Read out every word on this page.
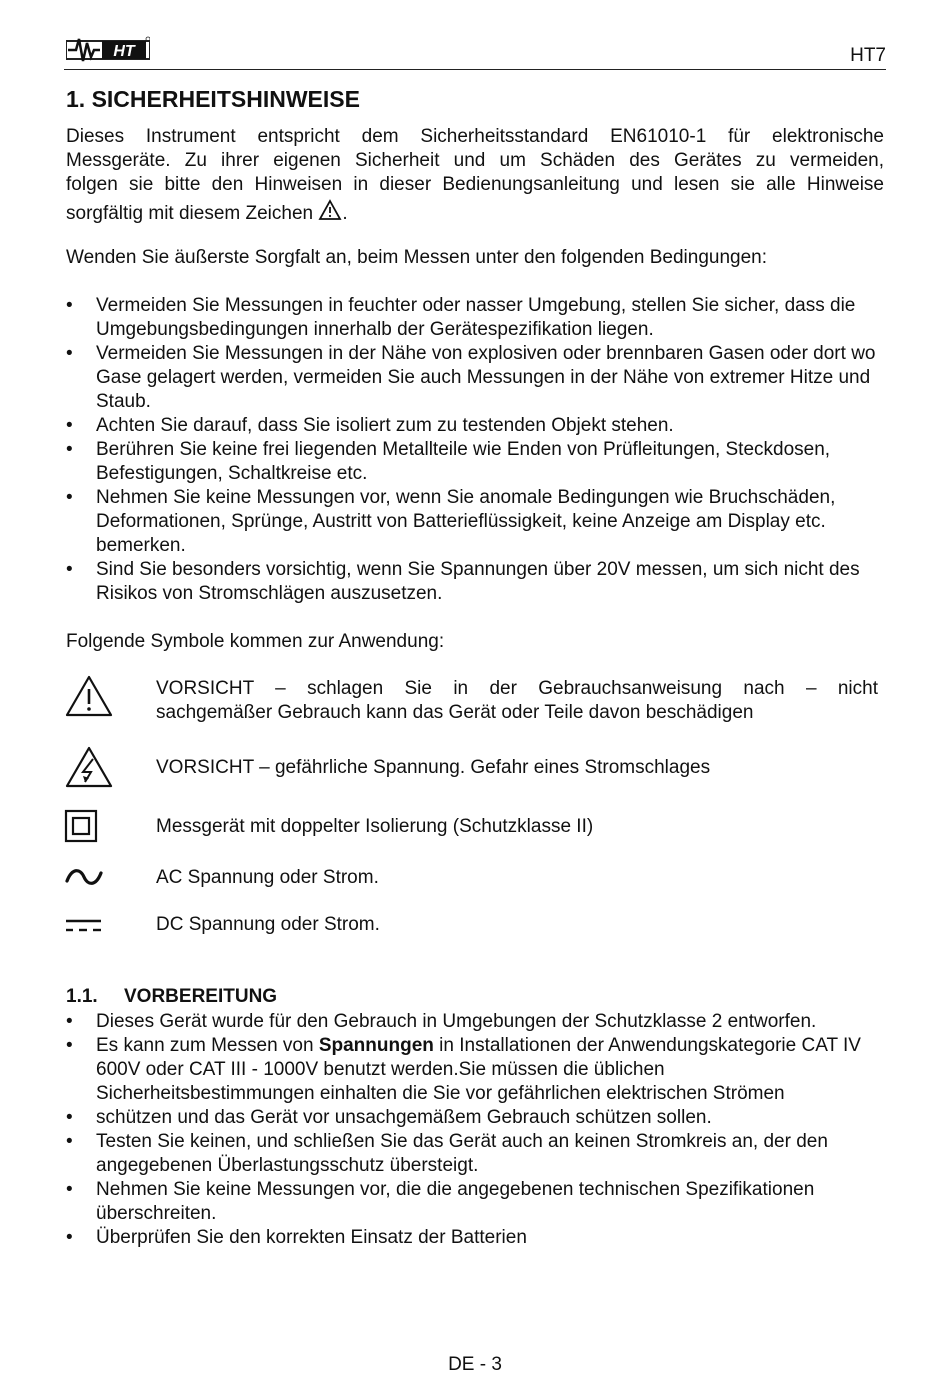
HT	HT7
1. SICHERHEITSHINWEISE
Dieses Instrument entspricht dem Sicherheitsstandard EN61010-1 für elektronische
Messgeräte. Zu ihrer eigenen Sicherheit und um Schäden des Gerätes zu vermeiden,
folgen sie bitte den Hinweisen in dieser Bedienungsanleitung und lesen sie alle Hinweise
sorgfältig mit diesem Zeichen .
Wenden Sie äußerste Sorgfalt an, beim Messen unter den folgenden Bedingungen:

• Vermeiden Sie Messungen in feuchter oder nasser Umgebung, stellen Sie sicher, dass die Umgebungsbedingungen innerhalb der Gerätespezifikation liegen.

• Vermeiden Sie Messungen in der Nähe von explosiven oder brennbaren Gasen oder dort wo Gase gelagert werden, vermeiden Sie auch Messungen in der Nähe von extremer Hitze und Staub.

• Achten Sie darauf, dass Sie isoliert zum zu testenden Objekt stehen.

• Berühren Sie keine frei liegenden Metallteile wie Enden von Prüfleitungen, Steckdosen, Befestigungen, Schaltkreise etc.

• Nehmen Sie keine Messungen vor, wenn Sie anomale Bedingungen wie Bruchschäden, Deformationen, Sprünge, Austritt von Batterieflüssigkeit, keine Anzeige am Display etc. bemerken.

• Sind Sie besonders vorsichtig, wenn Sie Spannungen über 20V messen, um sich nicht des Risikos von Stromschlägen auszusetzen.

Folgende Symbole kommen zur Anwendung:
VORSICHT – schlagen Sie in der Gebrauchsanweisung nach – nicht
sachgemäßer Gebrauch kann das Gerät oder Teile davon beschädigen
VORSICHT – gefährliche Spannung. Gefahr eines Stromschlages
Messgerät mit doppelter Isolierung (Schutzklasse II)
AC Spannung oder Strom.
DC Spannung oder Strom.
1.1. VORBEREITUNG

• Dieses Gerät wurde für den Gebrauch in Umgebungen der Schutzklasse 2 entworfen.

• Es kann zum Messen von Spannungen in Installationen der Anwendungskategorie CAT IV 600V oder CAT III - 1000V benutzt werden.Sie müssen die üblichen Sicherheitsbestimmungen einhalten die Sie vor gefährlichen elektrischen Strömen

• schützen und das Gerät vor unsachgemäßem Gebrauch schützen sollen.

• Testen Sie keinen, und schließen Sie das Gerät auch an keinen Stromkreis an, der den angegebenen Überlastungsschutz übersteigt.

• Nehmen Sie keine Messungen vor, die die angegebenen technischen Spezifikationen überschreiten.

• Überprüfen Sie den korrekten Einsatz der Batterien

DE - 3
